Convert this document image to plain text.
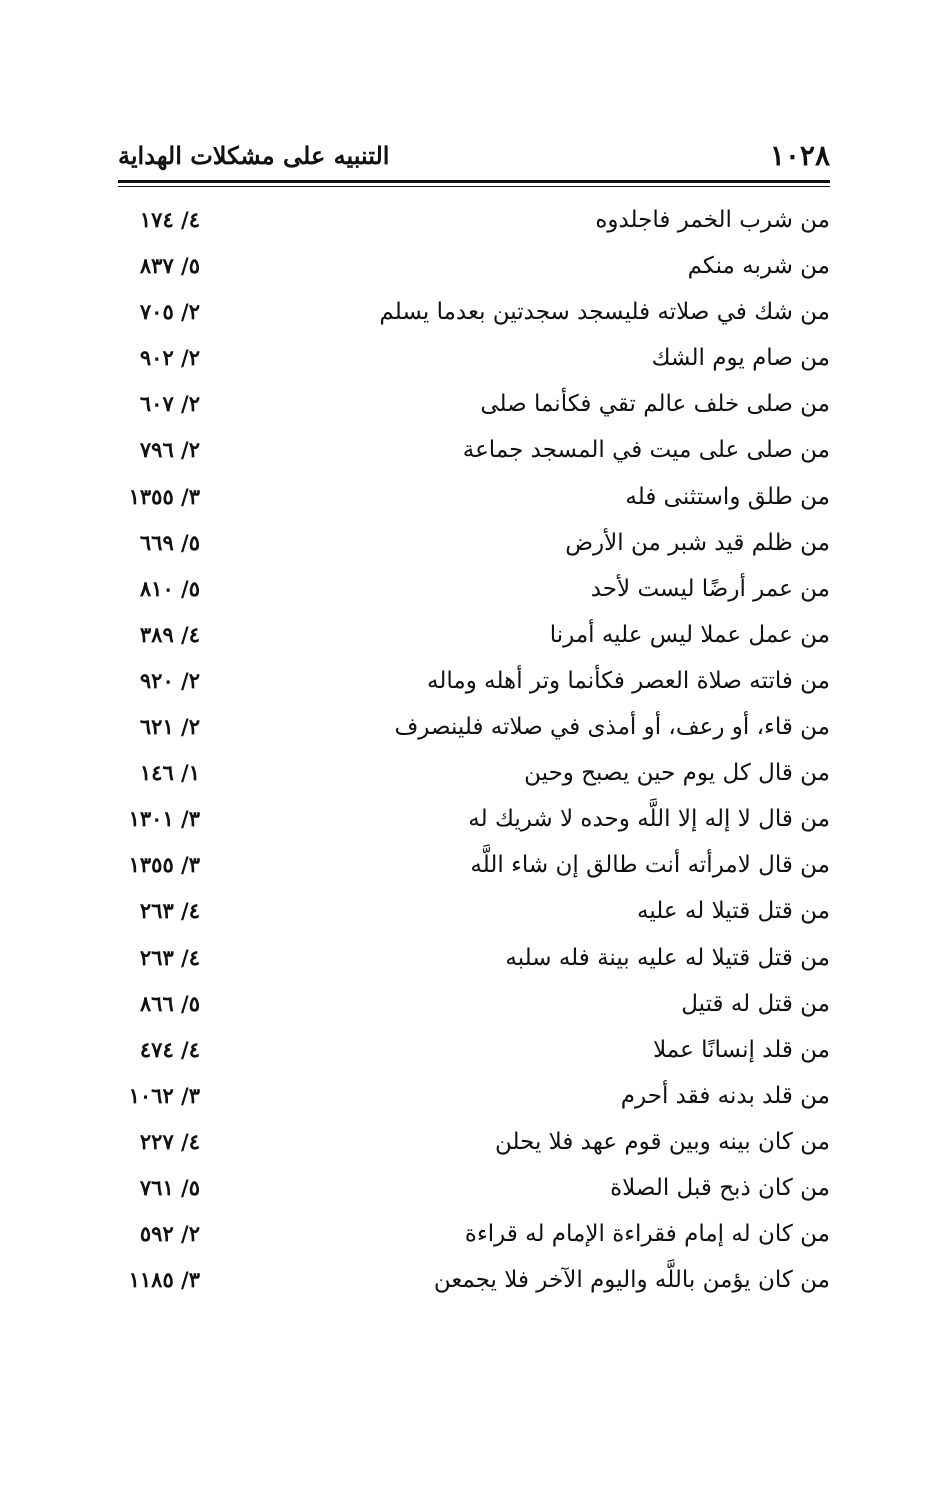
١٠٢٨
التنبيه على مشكلات الهداية
من شرب الخمر فاجلدوه
٤/ ١٧٤
من شربه منكم
٥/ ٨٣٧
من شك في صلاته فليسجد سجدتين بعدما يسلم
٢/ ٧٠٥
من صام يوم الشك
٢/ ٩٠٢
من صلى خلف عالم تقي فكأنما صلى
٢/ ٦٠٧
من صلى على ميت في المسجد جماعة
٢/ ٧٩٦
من طلق واستثنى فله
٣/ ١٣٥٥
من ظلم قيد شبر من الأرض
٥/ ٦٦٩
من عمر أرضًا ليست لأحد
٥/ ٨١٠
من عمل عملا ليس عليه أمرنا
٤/ ٣٨٩
من فاتته صلاة العصر فكأنما وتر أهله وماله
٢/ ٩٢٠
من قاء، أو رعف، أو أمذى في صلاته فلينصرف
٢/ ٦٢١
من قال كل يوم حين يصبح وحين
١/ ١٤٦
من قال لا إله إلا اللَّه وحده لا شريك له
٣/ ١٣٠١
من قال لامرأته أنت طالق إن شاء اللَّه
٣/ ١٣٥٥
من قتل قتيلا له عليه
٤/ ٢٦٣
من قتل قتيلا له عليه بينة فله سلبه
٤/ ٢٦٣
من قتل له قتيل
٥/ ٨٦٦
من قلد إنسانًا عملا
٤/ ٤٧٤
من قلد بدنه فقد أحرم
٣/ ١٠٦٢
من كان بينه وبين قوم عهد فلا يحلن
٤/ ٢٢٧
من كان ذبح قبل الصلاة
٥/ ٧٦١
من كان له إمام فقراءة الإمام له قراءة
٢/ ٥٩٢
من كان يؤمن باللَّه واليوم الآخر فلا يجمعن
٣/ ١١٨٥
